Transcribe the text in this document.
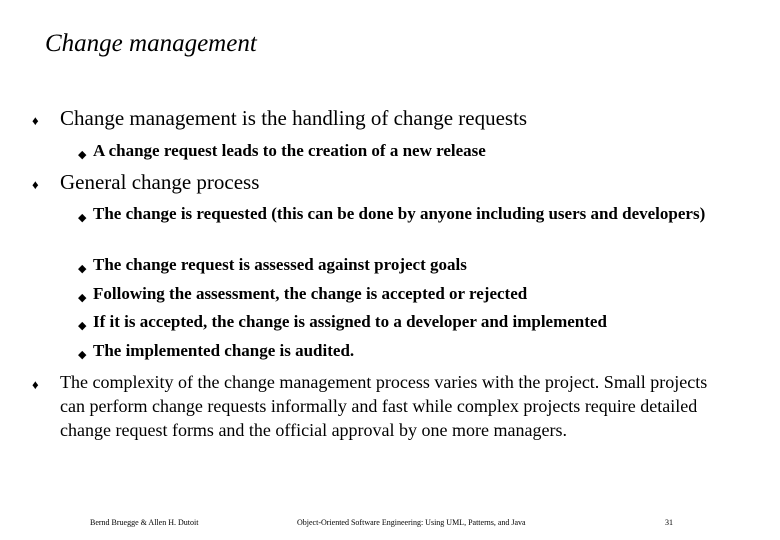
Change management
♦ Change management is the handling of change requests
◆ A change request leads to the creation of a new release
♦ General change process
◆ The change is requested (this can be done by anyone including users and developers)
◆ The change request is assessed against project goals
◆ Following the assessment, the change is accepted or rejected
◆ If it is accepted, the change is assigned to a developer and implemented
◆ The implemented change is audited.
♦ The complexity of the change management process varies with the project. Small projects can perform change requests informally and fast while complex projects require detailed change request forms and the official approval by one more managers.
Bernd Bruegge & Allen H. Dutoit	Object-Oriented Software Engineering: Using UML, Patterns, and Java	31
